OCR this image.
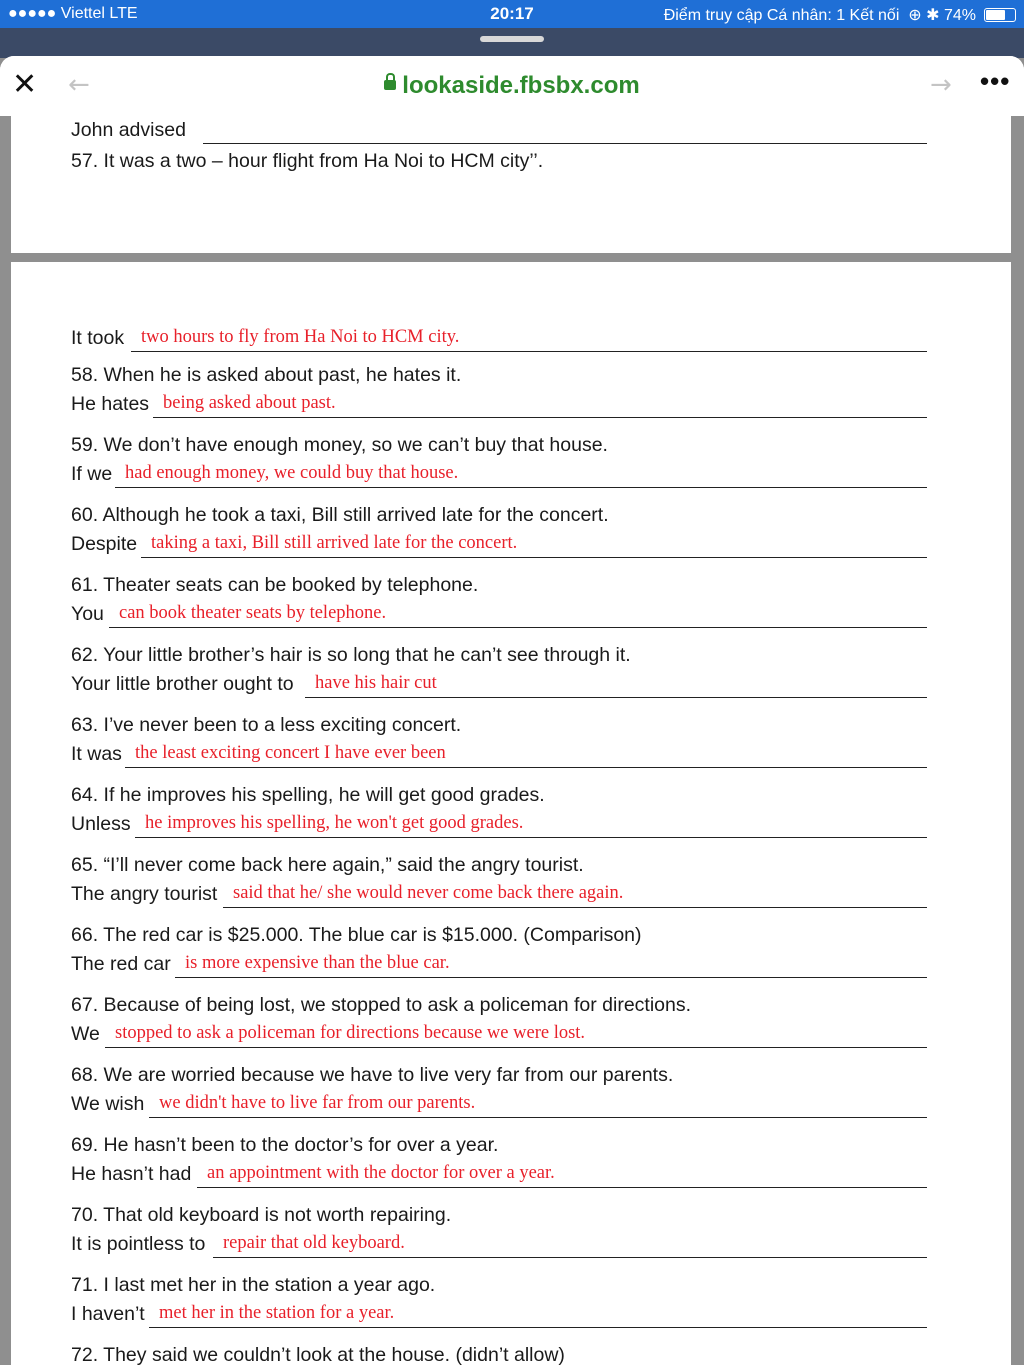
●●●●● Viettel LTE	20:17	Điểm truy cập Cá nhân: 1 Kết nối  ⊕ ✱ 74%
✕ ←	lookaside.fbsbx.com	→ •••
John advised
57. It was a two – hour flight from Ha Noi to HCM city’’.
It took two hours to fly from Ha Noi to HCM city.
58. When he is asked about past, he hates it.
He hates being asked about past.
59. We don’t have enough money, so we can’t buy that house.
If we had enough money, we could buy that house.
60. Although he took a taxi, Bill still arrived late for the concert.
Despite taking a taxi, Bill still arrived late for the concert.
61. Theater seats can be booked by telephone.
You can book theater seats by telephone.
62. Your little brother’s hair is so long that he can’t see through it.
Your little brother ought to have his hair cut
63. I’ve never been to a less exciting concert.
It was the least exciting concert I have ever been
64. If he improves his spelling, he will get good grades.
Unless he improves his spelling, he won't get good grades.
65. “I’ll never come back here again,” said the angry tourist.
The angry tourist said that he/ she would never come back there again.
66. The red car is $25.000. The blue car is $15.000. (Comparison)
The red car is more expensive than the blue car.
67. Because of being lost, we stopped to ask a policeman for directions.
We stopped to ask a policeman for directions because we were lost.
68. We are worried because we have to live very far from our parents.
We wish we didn't have to live far from our parents.
69. He hasn’t been to the doctor’s for over a year.
He hasn’t had an appointment with the doctor for over a year.
70. That old keyboard is not worth repairing.
It is pointless to repair that old keyboard.
71. I last met her in the station a year ago.
I haven’t met her in the station for a year.
72. They said we couldn’t look at the house. (didn’t allow)
